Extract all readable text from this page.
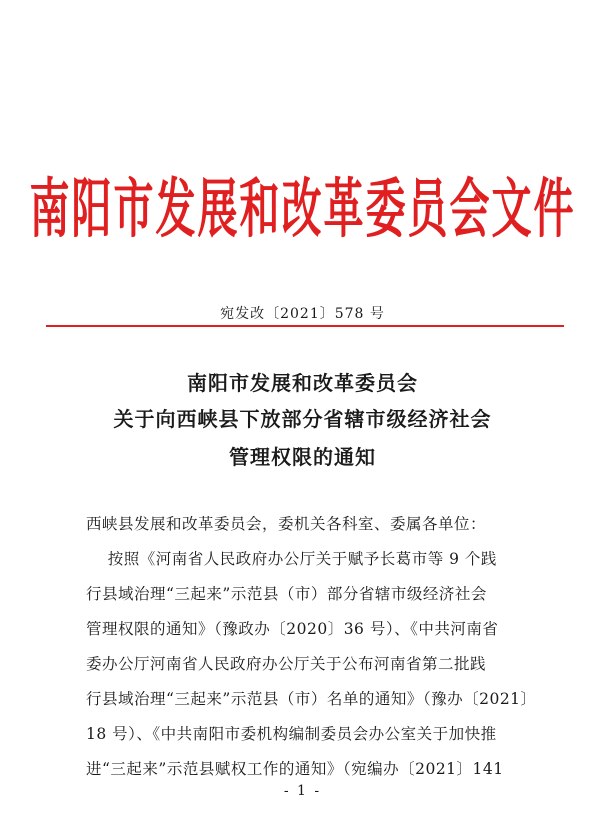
南阳市发展和改革委员会文件
宛发改〔2021〕578 号
南阳市发展和改革委员会
关于向西峡县下放部分省辖市级经济社会
管理权限的通知
西峡县发展和改革委员会，委机关各科室、委属各单位：
按照《河南省人民政府办公厅关于赋予长葛市等 9 个践
行县域治理“三起来”示范县（市）部分省辖市级经济社会
管理权限的通知》（豫政办〔2020〕36 号）、《中共河南省
委办公厅河南省人民政府办公厅关于公布河南省第二批践
行县域治理“三起来”示范县（市）名单的通知》（豫办〔2021〕
18 号）、《中共南阳市委机构编制委员会办公室关于加快推
进“三起来”示范县赋权工作的通知》（宛编办〔2021〕141
- 1 -
